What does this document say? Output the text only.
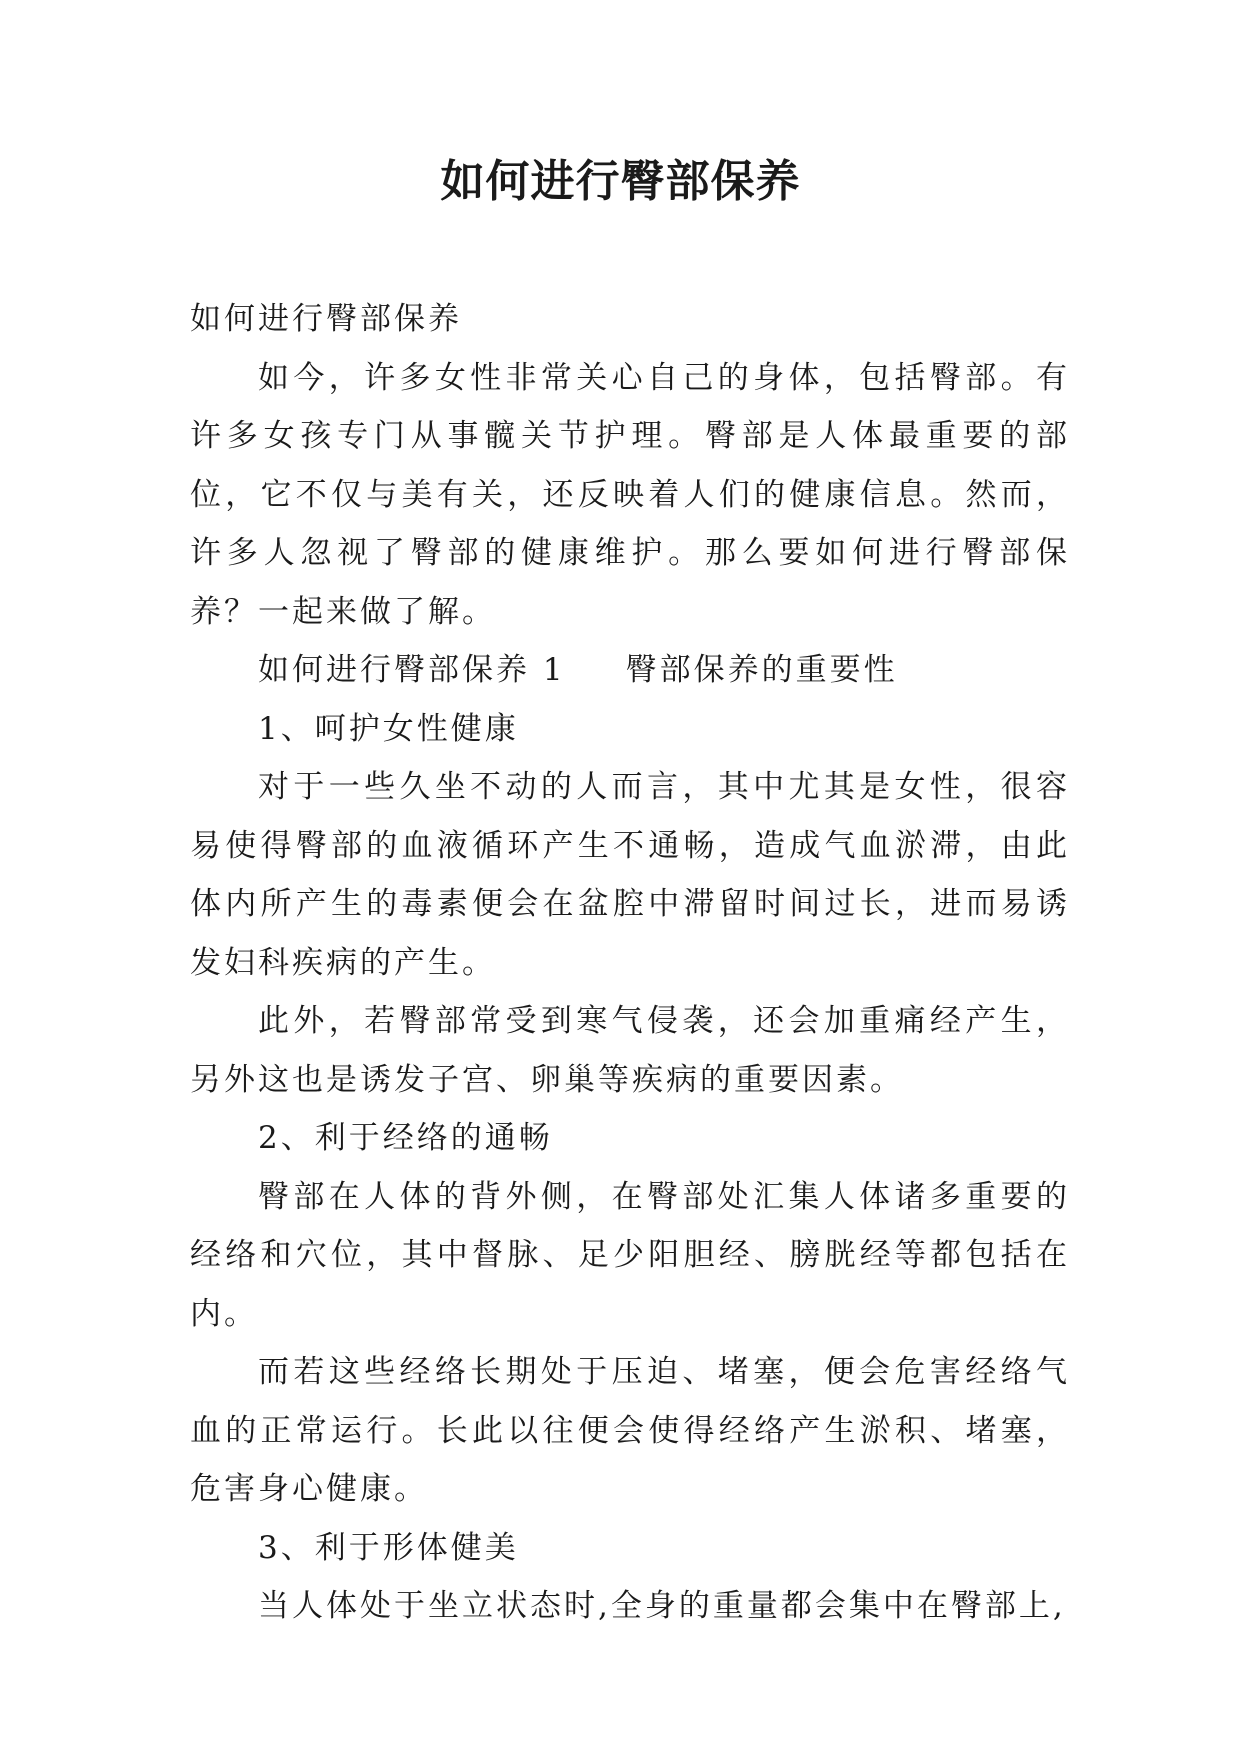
如何进行臀部保养

如何进行臀部保养

如今，许多女性非常关心自己的身体，包括臀部。有许多女孩专门从事髋关节护理。臀部是人体最重要的部位，它不仅与美有关，还反映着人们的健康信息。然而，许多人忽视了臀部的健康维护。那么要如何进行臀部保养？一起来做了解。

如何进行臀部保养 1 臀部保养的重要性

1、呵护女性健康

对于一些久坐不动的人而言，其中尤其是女性，很容易使得臀部的血液循环产生不通畅，造成气血淤滞，由此体内所产生的毒素便会在盆腔中滞留时间过长，进而易诱发妇科疾病的产生。

此外，若臀部常受到寒气侵袭，还会加重痛经产生，另外这也是诱发子宫、卵巢等疾病的重要因素。

2、利于经络的通畅

臀部在人体的背外侧，在臀部处汇集人体诸多重要的经络和穴位，其中督脉、足少阳胆经、膀胱经等都包括在内。

而若这些经络长期处于压迫、堵塞，便会危害经络气血的正常运行。长此以往便会使得经络产生淤积、堵塞，危害身心健康。

3、利于形体健美

当人体处于坐立状态时,全身的重量都会集中在臀部上,
